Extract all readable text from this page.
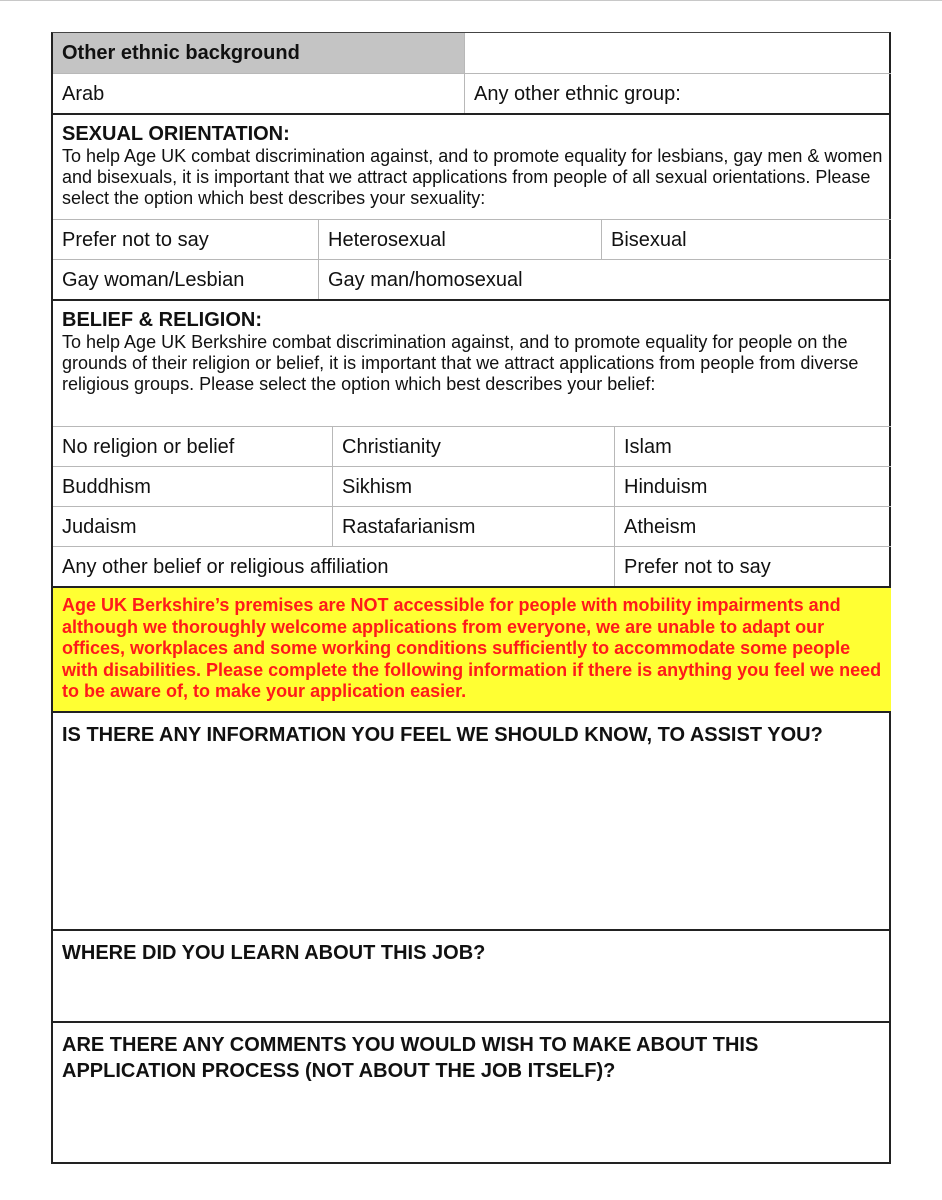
Other ethnic background
Arab	Any other ethnic group:
SEXUAL ORIENTATION:
To help Age UK combat discrimination against, and to promote equality for lesbians, gay men & women and bisexuals, it is important that we attract applications from people of all sexual orientations. Please select the option which best describes your sexuality:
Prefer not to say	Heterosexual	Bisexual
Gay woman/Lesbian	Gay man/homosexual
BELIEF & RELIGION:
To help Age UK Berkshire combat discrimination against, and to promote equality for people on the grounds of their religion or belief, it is important that we attract applications from people from diverse religious groups. Please select the option which best describes your belief:
No religion or belief	Christianity	Islam
Buddhism	Sikhism	Hinduism
Judaism	Rastafarianism	Atheism
Any other belief or religious affiliation	Prefer not to say
Age UK Berkshire’s premises are NOT accessible for people with mobility impairments and although we thoroughly welcome applications from everyone, we are unable to adapt our offices, workplaces and some working conditions sufficiently to accommodate some people with disabilities. Please complete the following information if there is anything you feel we need to be aware of, to make your application easier.
IS THERE ANY INFORMATION YOU FEEL WE SHOULD KNOW, TO ASSIST YOU?
WHERE DID YOU LEARN ABOUT THIS JOB?
ARE THERE ANY COMMENTS YOU WOULD WISH TO MAKE ABOUT THIS APPLICATION PROCESS (NOT ABOUT THE JOB ITSELF)?
